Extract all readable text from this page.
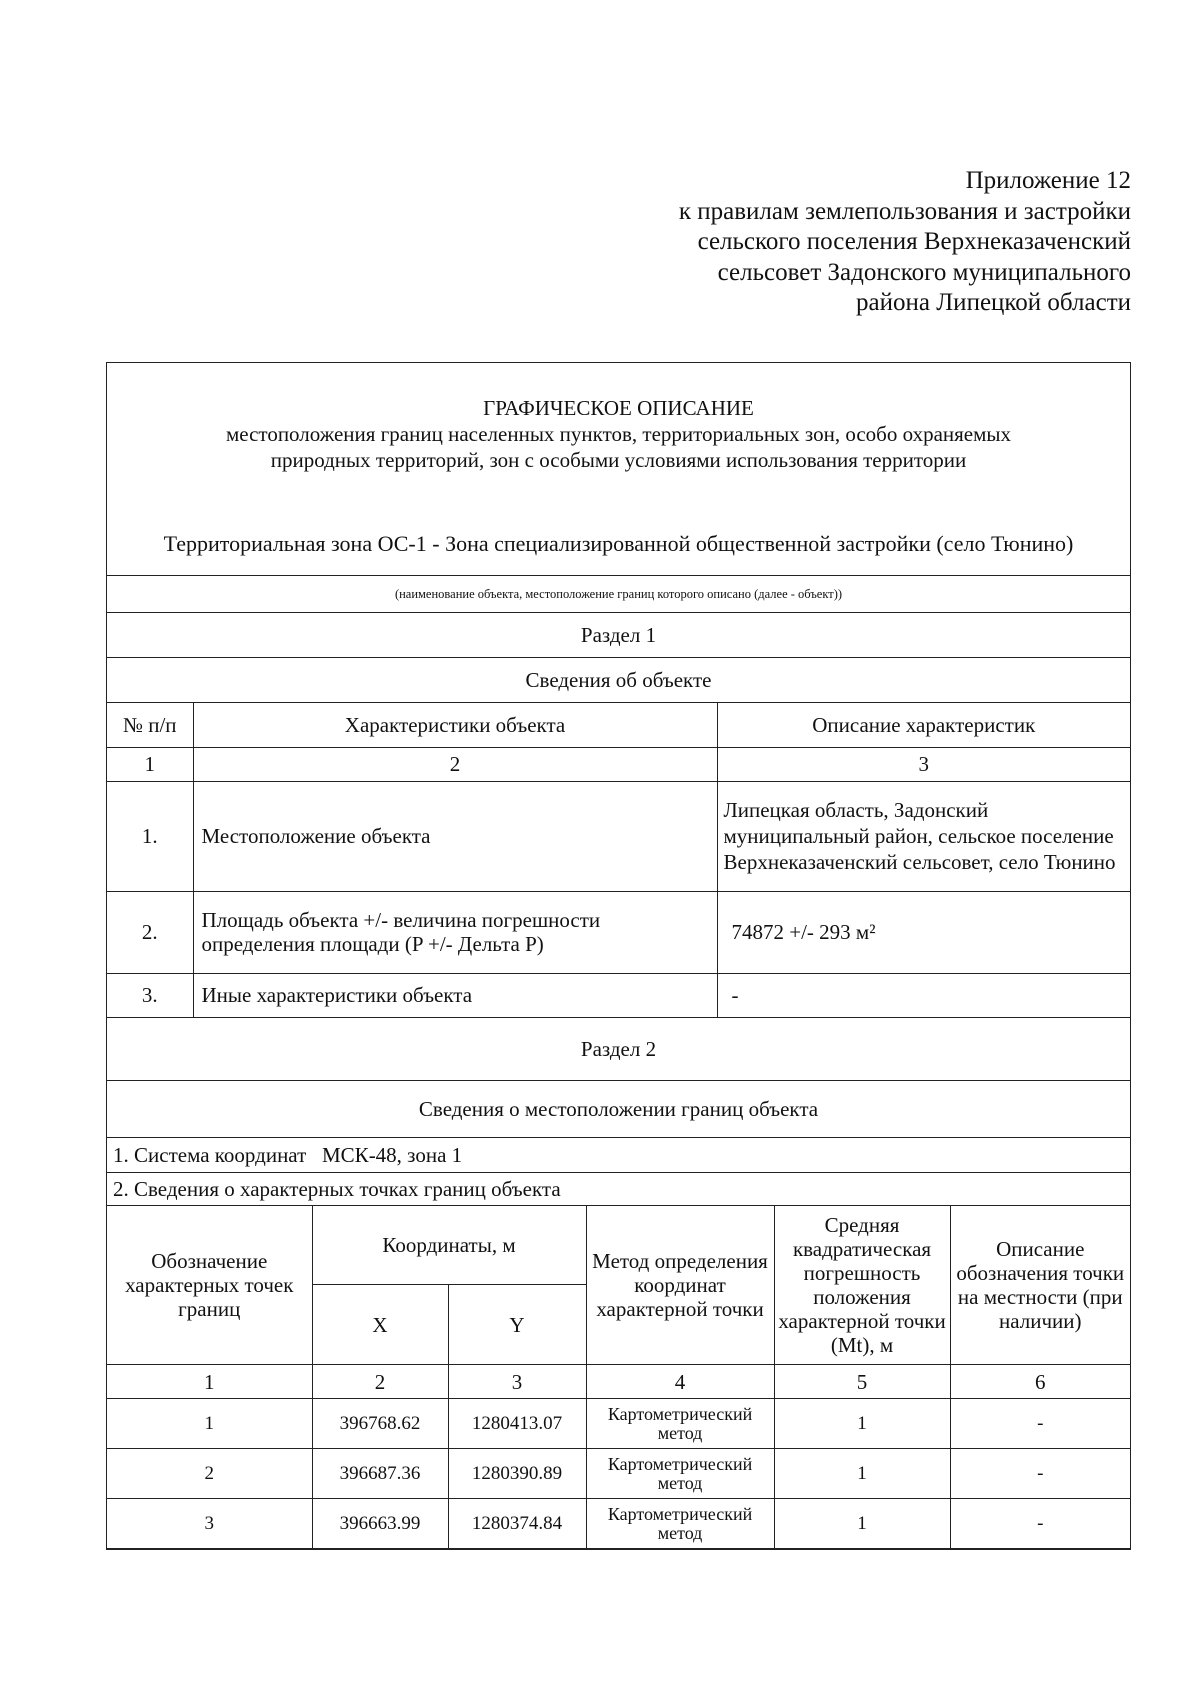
Приложение 12
к правилам землепользования и застройки
сельского поселения Верхнеказаченский
сельсовет Задонского муниципального
района Липецкой области
ГРАФИЧЕСКОЕ ОПИСАНИЕ
местоположения границ населенных пунктов, территориальных зон, особо охраняемых
природных территорий, зон с особыми условиями использования территории
Территориальная зона ОС-1 - Зона специализированной общественной застройки (село Тюнино)

(наименование объекта, местоположение границ которого описано (далее - объект))
Раздел 1
Сведения об объекте
№ п/п	Характеристики объекта	Описание характеристик
1	2	3
1.	Местоположение объекта	Липецкая область, Задонский муниципальный район, сельское поселение Верхнеказаченский сельсовет, село Тюнино
2.	Площадь объекта +/- величина погрешности определения площади (P +/- Дельта P)	74872 +/- 293 м²
3.	Иные характеристики объекта	-
Раздел 2
Сведения о местоположении границ объекта
1. Система координат   МСК-48, зона 1
2. Сведения о характерных точках границ объекта
Обозначение характерных точек границ	Координаты, м		Метод определения координат характерной точки	Средняя квадратическая погрешность положения характерной точки (Mt), м	Описание обозначения точки на местности (при наличии)
	X	Y			
1	2	3	4	5	6
1	396768.62	1280413.07	Картометрический метод	1	-
2	396687.36	1280390.89	Картометрический метод	1	-
3	396663.99	1280374.84	Картометрический метод	1	-
